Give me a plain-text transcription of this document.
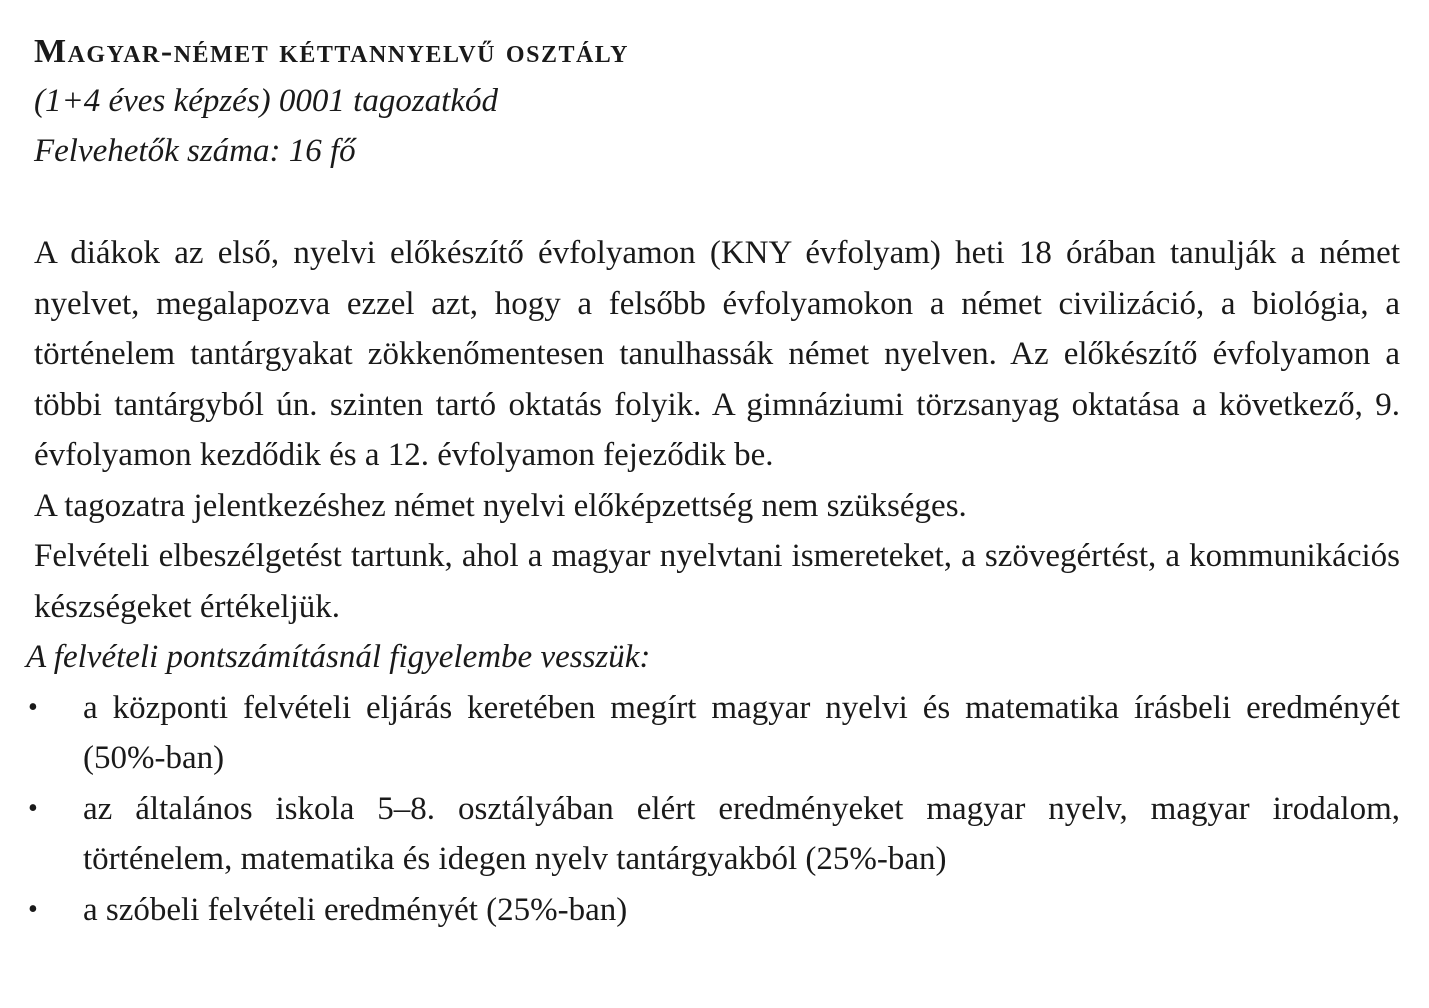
Magyar-német kéttannyelvű osztály

(1+4 éves képzés) 0001 tagozatkód

Felvehetők száma: 16 fő

A diákok az első, nyelvi előkészítő évfolyamon (KNY évfolyam) heti 18 órában tanulják a német nyelvet, megalapozva ezzel azt, hogy a felsőbb évfolyamokon a német civilizáció, a biológia, a történelem tantárgyakat zökkenőmentesen tanulhassák német nyelven. Az előkészítő évfolyamon a többi tantárgyból ún. szinten tartó oktatás folyik. A gimnáziumi törzsanyag oktatása a következő, 9. évfolyamon kezdődik és a 12. évfolyamon fejeződik be.

A tagozatra jelentkezéshez német nyelvi előképzettség nem szükséges.

Felvételi elbeszélgetést tartunk, ahol a magyar nyelvtani ismereteket, a szövegértést, a kommunikációs készségeket értékeljük.

A felvételi pontszámításnál figyelembe vesszük:

• a központi felvételi eljárás keretében megírt magyar nyelvi és matematika írásbeli eredményét (50%-ban)
• az általános iskola 5–8. osztályában elért eredményeket magyar nyelv, magyar irodalom, történelem, matematika és idegen nyelv tantárgyakból (25%-ban)
• a szóbeli felvételi eredményét (25%-ban)
